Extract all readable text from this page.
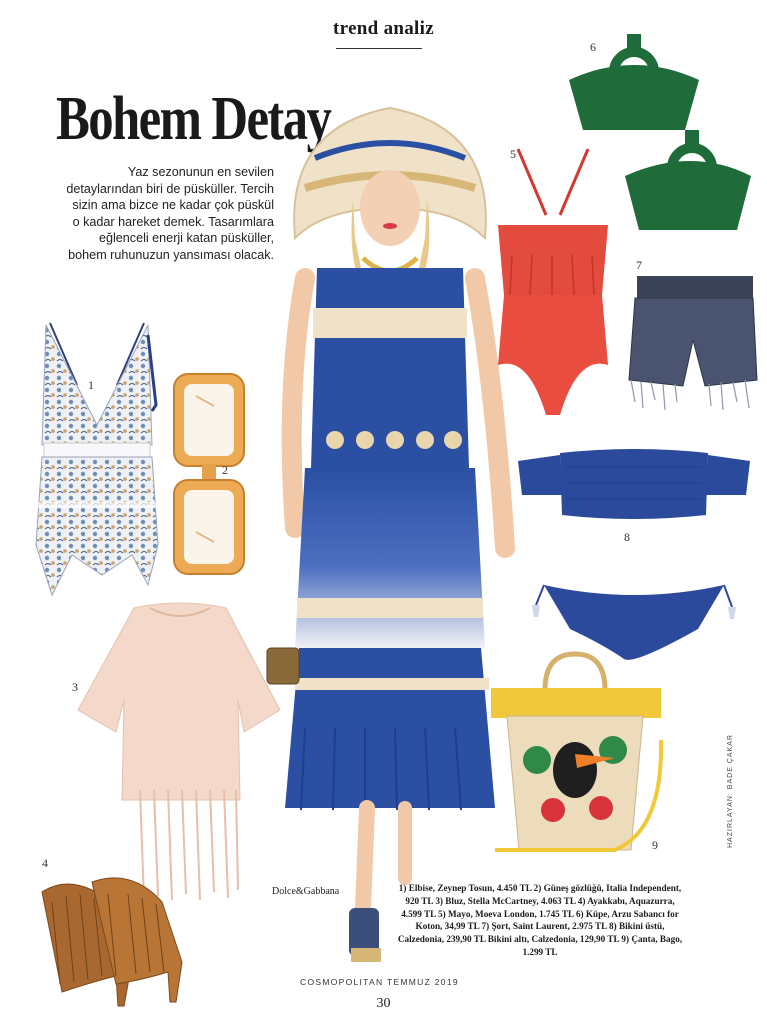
trend analiz
Bohem Detay
Yaz sezonunun en sevilen detaylarından biri de püsküller. Tercih sizin ama bizce ne kadar çok püskül o kadar hareket demek. Tasarımlara eğlenceli enerji katan püsküller, bohem ruhunuzun yansıması olacak.
1
2
3
4
5
6
7
8
9
Dolce&Gabbana	1) Elbise, Zeynep Tosun, 4.450 TL 2) Güneş gözlüğü, Italia Independent, 920 TL 3) Bluz, Stella McCartney, 4.063 TL 4) Ayakkabı, Aquazurra, 4.599 TL 5) Mayo, Moeva London, 1.745 TL 6) Küpe, Arzu Sabancı for Koton, 34,99 TL 7) Şort, Saint Laurent, 2.975 TL 8) Bikini üstü, Calzedonia, 239,90 TL Bikini altı, Calzedonia, 129,90 TL 9) Çanta, Bago, 1.299 TL
COSMOPOLITAN TEMMUZ 2019
30
HAZIRLAYAN: BADE ÇAKAR
